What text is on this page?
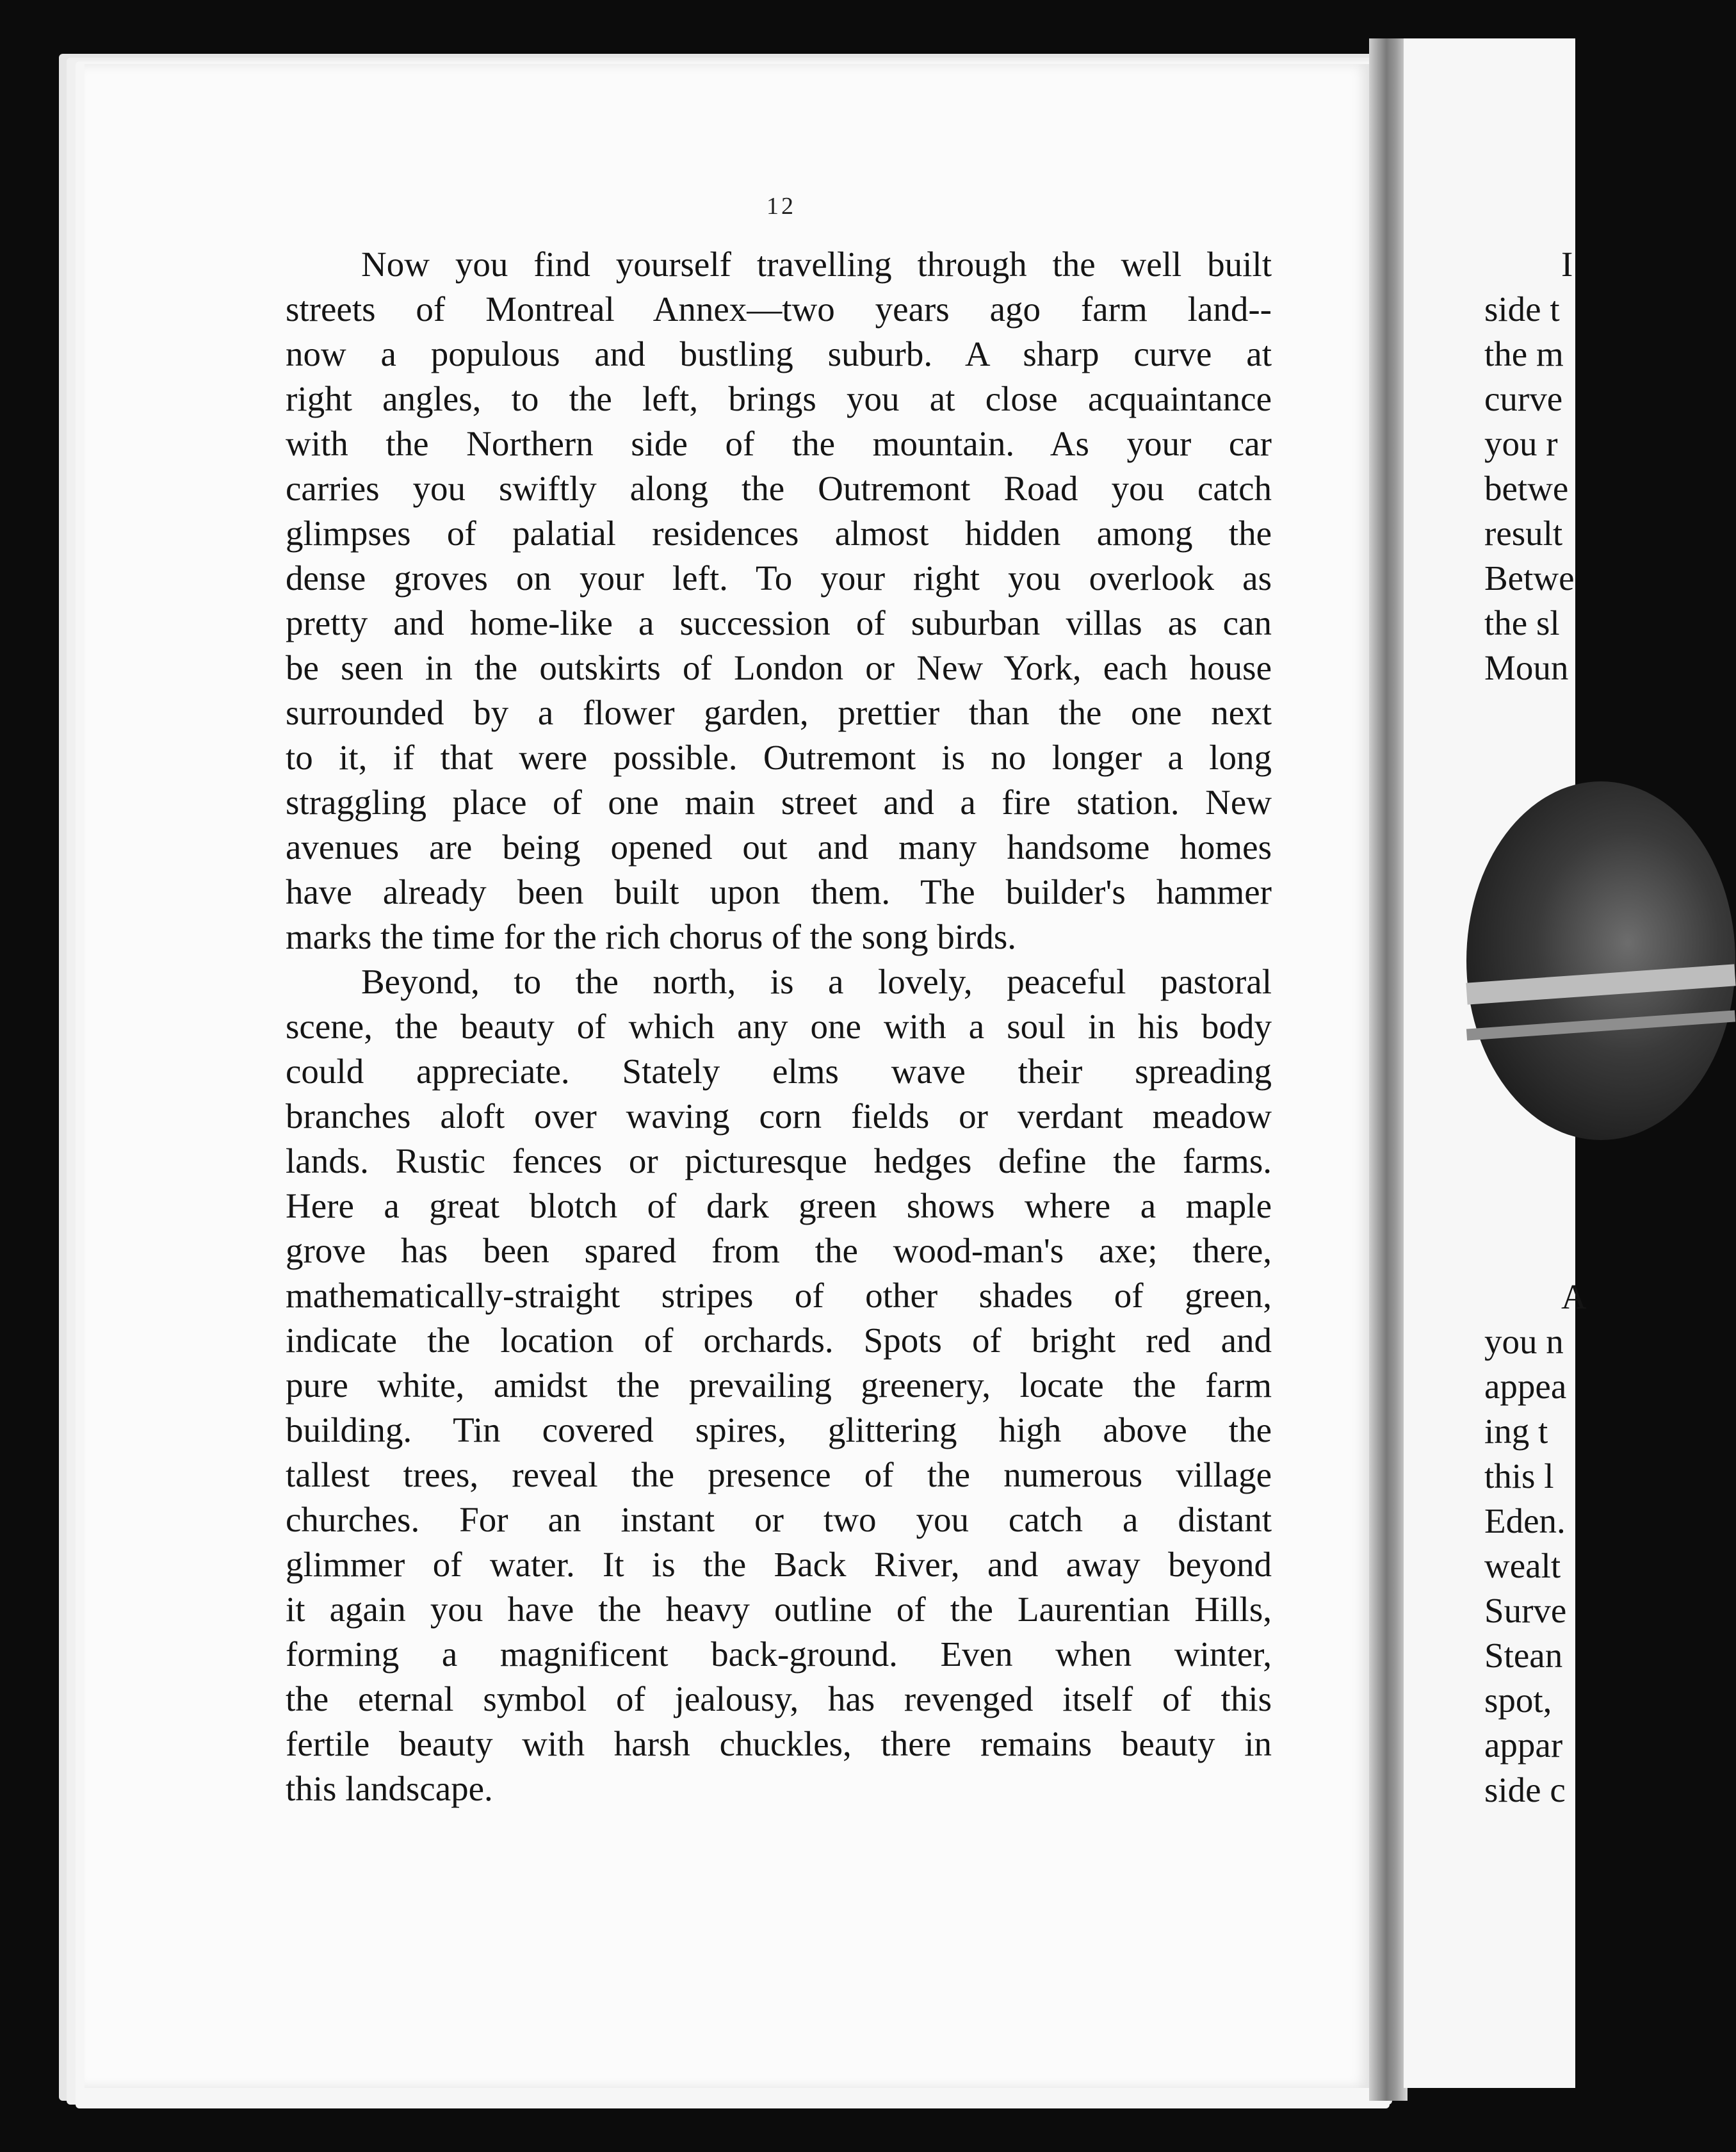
12
Now you find yourself travelling through the well built
streets of Montreal Annex—two years ago farm land--
now a populous and bustling suburb. A sharp curve at
right angles, to the left, brings you at close acquaintance
with the Northern side of the mountain. As your car
carries you swiftly along the Outremont Road you catch
glimpses of palatial residences almost hidden among the
dense groves on your left. To your right you overlook as
pretty and home-like a succession of suburban villas as can
be seen in the outskirts of London or New York, each house
surrounded by a flower garden, prettier than the one next
to it, if that were possible. Outremont is no longer a long
straggling place of one main street and a fire station. New
avenues are being opened out and many handsome homes
have already been built upon them. The builder's hammer
marks the time for the rich chorus of the song birds.
Beyond, to the north, is a lovely, peaceful pastoral
scene, the beauty of which any one with a soul in his body
could appreciate. Stately elms wave their spreading
branches aloft over waving corn fields or verdant meadow
lands. Rustic fences or picturesque hedges define the farms.
Here a great blotch of dark green shows where a maple
grove has been spared from the wood-man's axe; there,
mathematically-straight stripes of other shades of green,
indicate the location of orchards. Spots of bright red and
pure white, amidst the prevailing greenery, locate the farm
building. Tin covered spires, glittering high above the
tallest trees, reveal the presence of the numerous village
churches. For an instant or two you catch a distant
glimmer of water. It is the Back River, and away beyond
it again you have the heavy outline of the Laurentian Hills,
forming a magnificent back-ground. Even when winter,
the eternal symbol of jealousy, has revenged itself of this
fertile beauty with harsh chuckles, there remains beauty in
this landscape.
I
side t
the m
curve
you r
betwe
result
Betwe
the sl
Moun
A
you n
appea
ing t
this l
Eden.
wealt
Surve
Stean
spot,
appar
side c
